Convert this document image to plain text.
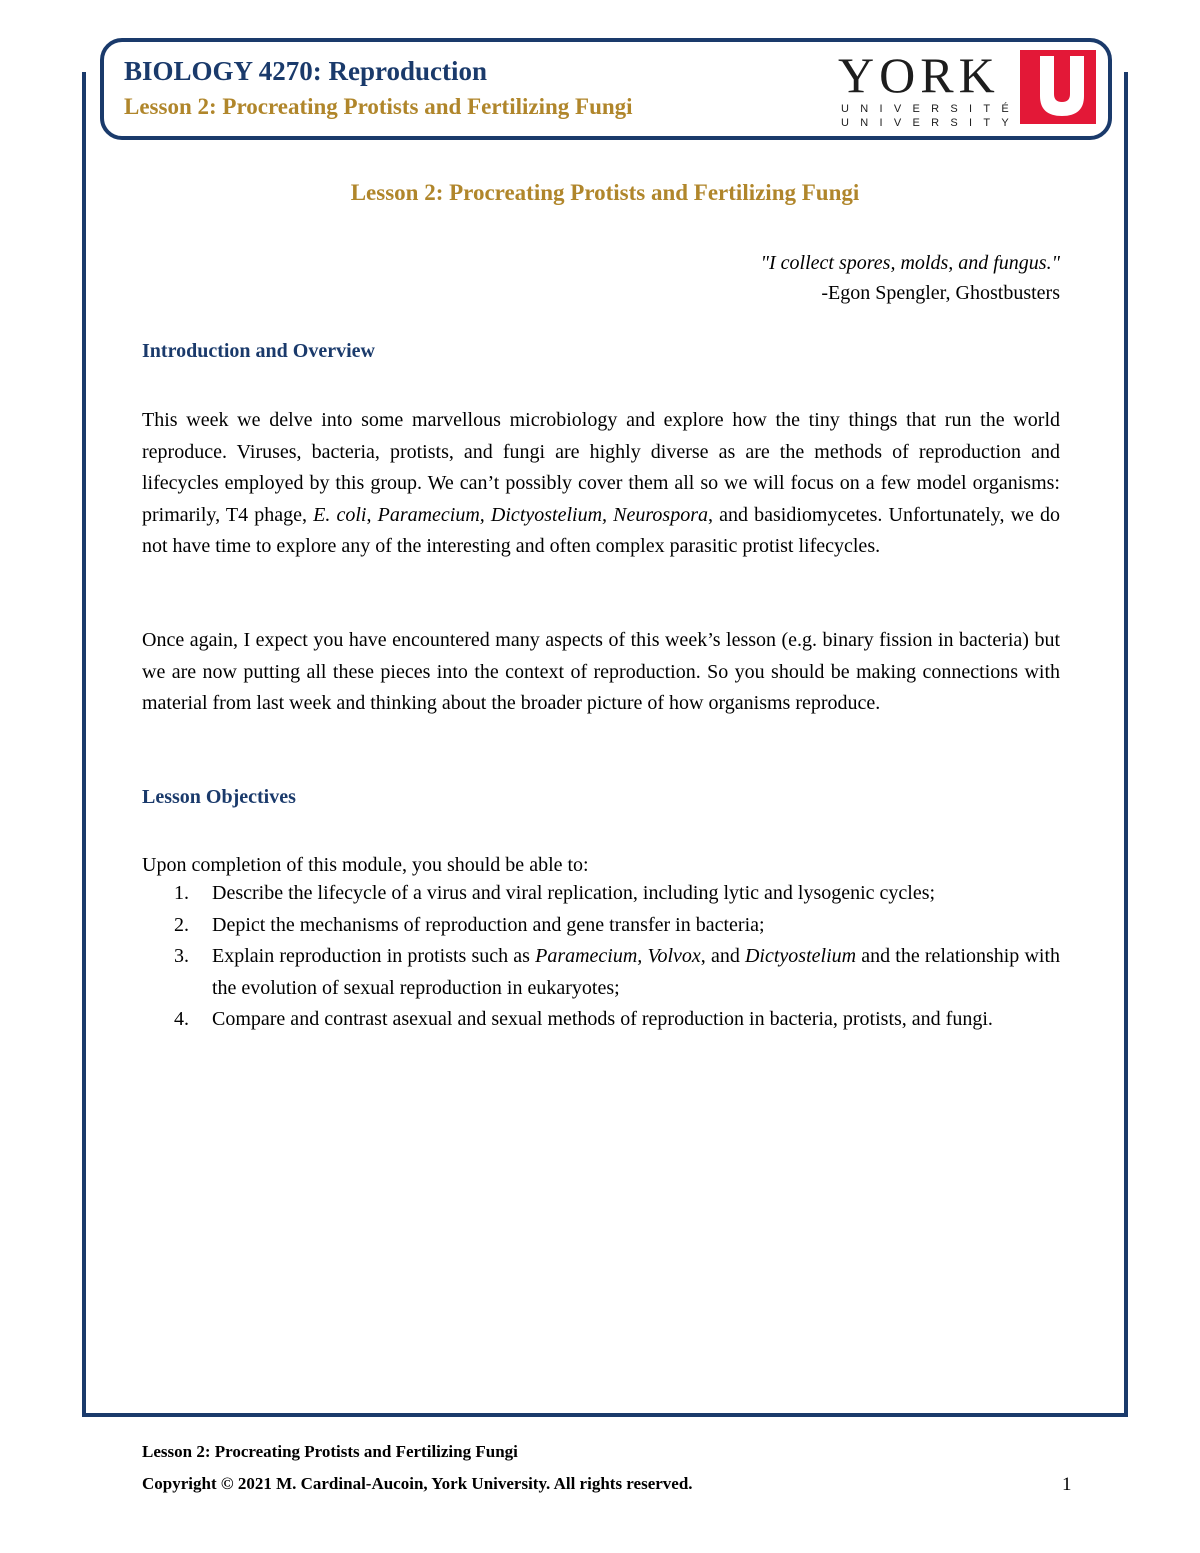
BIOLOGY 4270: Reproduction
Lesson 2: Procreating Protists and Fertilizing Fungi
YORK
UNIVERSITÉ
UNIVERSITY
Lesson 2: Procreating Protists and Fertilizing Fungi
"I collect spores, molds, and fungus."
-Egon Spengler, Ghostbusters
Introduction and Overview
This week we delve into some marvellous microbiology and explore how the tiny things that run the world reproduce. Viruses, bacteria, protists, and fungi are highly diverse as are the methods of reproduction and lifecycles employed by this group. We can’t possibly cover them all so we will focus on a few model organisms: primarily, T4 phage, E. coli, Paramecium, Dictyostelium, Neurospora, and basidiomycetes. Unfortunately, we do not have time to explore any of the interesting and often complex parasitic protist lifecycles.
Once again, I expect you have encountered many aspects of this week’s lesson (e.g. binary fission in bacteria) but we are now putting all these pieces into the context of reproduction. So you should be making connections with material from last week and thinking about the broader picture of how organisms reproduce.
Lesson Objectives
Upon completion of this module, you should be able to:
1. Describe the lifecycle of a virus and viral replication, including lytic and lysogenic cycles;
2. Depict the mechanisms of reproduction and gene transfer in bacteria;
3. Explain reproduction in protists such as Paramecium, Volvox, and Dictyostelium and the relationship with the evolution of sexual reproduction in eukaryotes;
4. Compare and contrast asexual and sexual methods of reproduction in bacteria, protists, and fungi.
Lesson 2: Procreating Protists and Fertilizing Fungi
Copyright © 2021 M. Cardinal-Aucoin, York University. All rights reserved.	1
